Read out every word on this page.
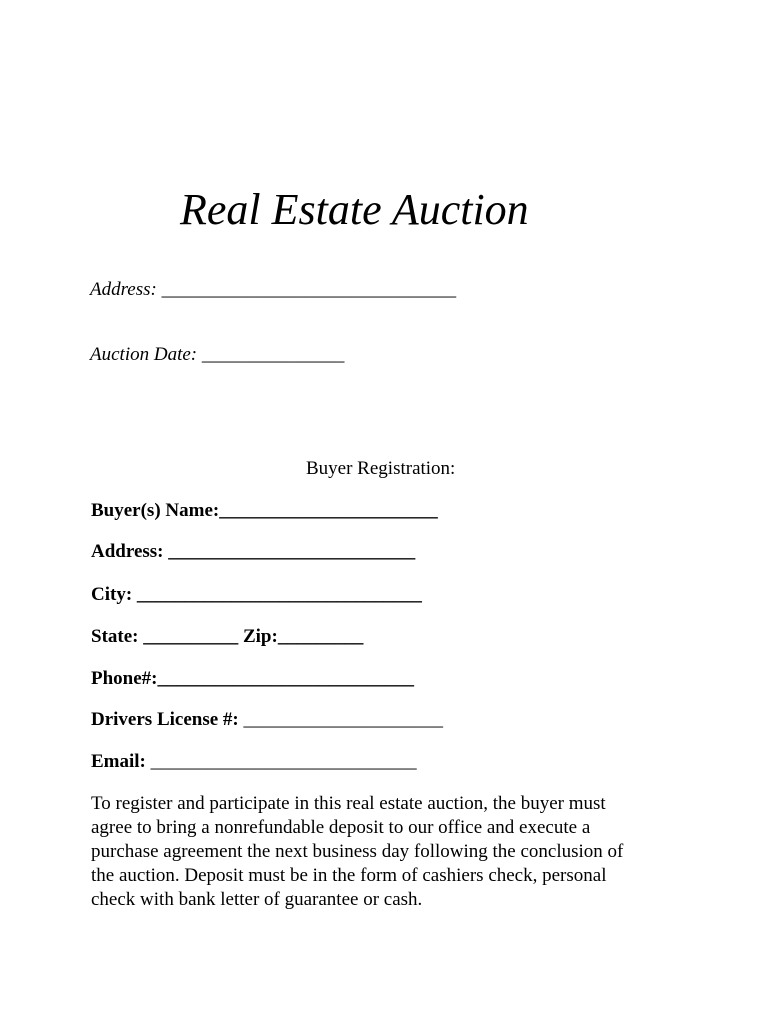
Real Estate Auction
Address: _______________________________
Auction Date: _______________
Buyer Registration:
Buyer(s) Name:_______________________
Address: __________________________
City: ______________________________
State: __________ Zip:_________
Phone#:___________________________
Drivers License #: _____________________
Email: ____________________________
To register and participate in this real estate auction, the buyer must
agree to bring a nonrefundable deposit to our office and execute a
purchase agreement the next business day following the conclusion of
the auction. Deposit must be in the form of cashiers check, personal
check with bank letter of guarantee or cash.
